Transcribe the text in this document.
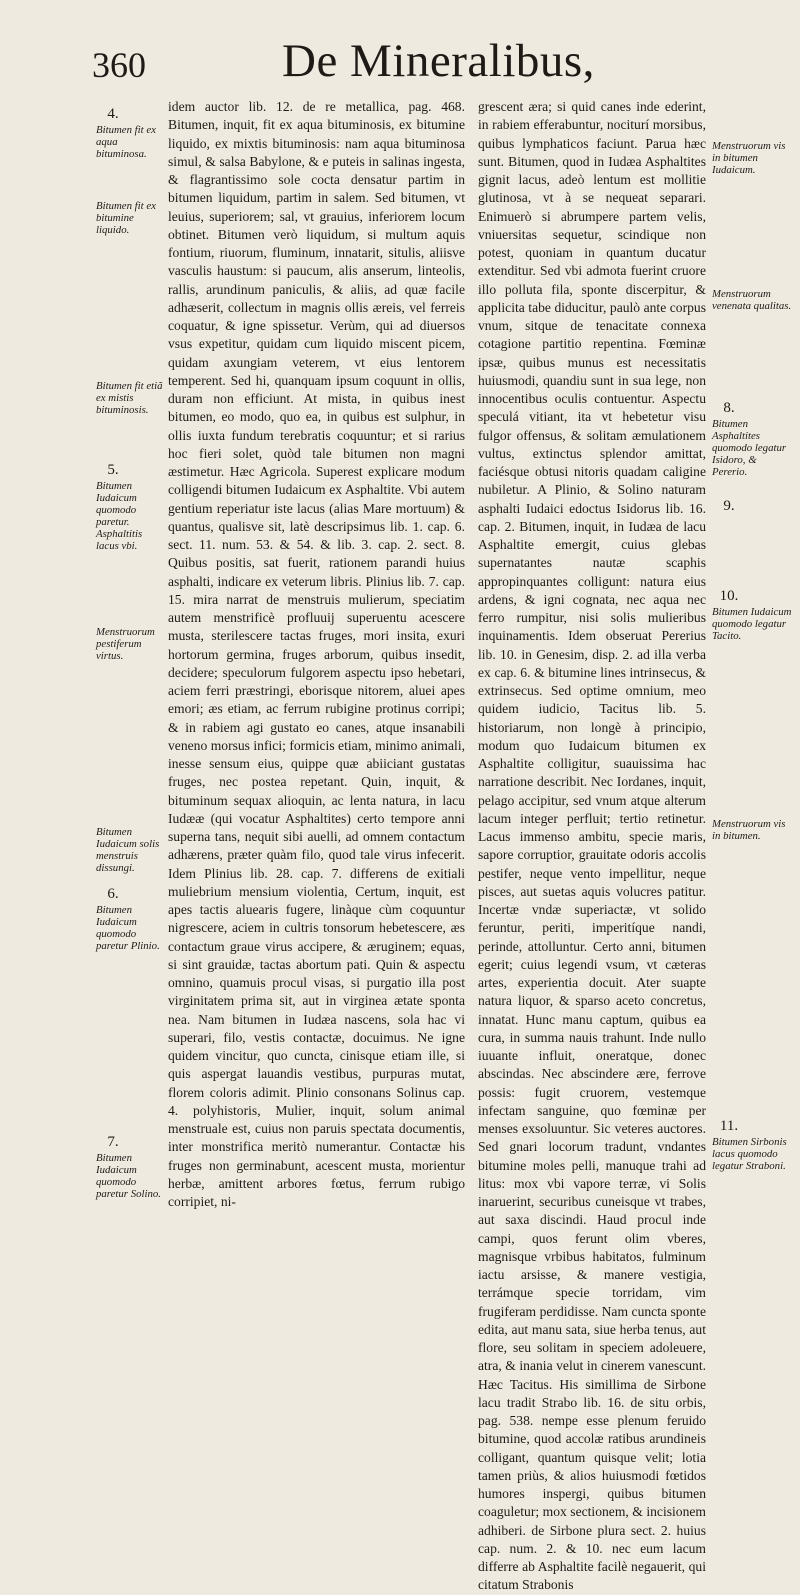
360	De Mineralibus,
4.
Bitumen fit ex aqua bituminosa.
Bitumen fit ex bitumine liquido.
Bitumen fit etiã ex mistis bituminosis.
5.
Bitumen Iudaicum quomodo paretur. Asphaltitis lacus vbi.
Menstruorum pestiferum virtus.
Bitumen Iudaicum solis menstruis dissungi.
6.
Bitumen Iudaicum quomodo paretur Plinio.
7.
Bitumen Iudaicum quomodo paretur Solino.

idem auctor lib. 12. de re metallica, pag. 468. Bitumen, inquit, fit ex aqua bituminosis, ex bitumine liquido, ex mixtis bituminosis: nam aqua bituminosa simul, & salsa Babylone, & e puteis in salinas ingesta, & flagrantissimo sole cocta densatur partim in bitumen liquidum, partim in salem. Sed bitumen, vt leuius, superiorem; sal, vt grauius, inferiorem locum obtinet. Bitumen verò liquidum, si multum aquis fontium, riuorum, fluminum, innatarit, situlis, aliisve vasculis haustum: si paucum, alis anserum, linteolis, rallis, arundinum paniculis, & aliis, ad quæ facile adhæserit, collectum in magnis ollis æreis, vel ferreis coquatur, & igne spissetur. Verùm, qui ad diuersos vsus expetitur, quidam cum liquido miscent picem, quidam axungiam veterem, vt eius lentorem temperent. Sed hi, quanquam ipsum coquunt in ollis, duram non efficiunt. At mista, in quibus inest bitumen, eo modo, quo ea, in quibus est sulphur, in ollis iuxta fundum terebratis coquuntur; et si rarius hoc fieri solet, quòd tale bitumen non magni æstimetur. Hæc Agricola. Superest explicare modum colligendi bitumen Iudaicum ex Asphaltite. Vbi autem gentium reperiatur iste lacus (alias Mare mortuum) & quantus, qualisve sit, latè descripsimus lib. 1. cap. 6. sect. 11. num. 53. & 54. & lib. 3. cap. 2. sect. 8. Quibus positis, sat fuerit, rationem parandi huius asphalti, indicare ex veterum libris. Plinius lib. 7. cap. 15. mira narrat de menstruis mulierum, speciatim autem menstrificè profluuij superuentu acescere musta, sterilescere tactas fruges, mori insita, exuri hortorum germina, fruges arborum, quibus insedit, decidere; speculorum fulgorem aspectu ipso hebetari, aciem ferri præstringi, eborisque nitorem, aluei apes emori; æs etiam, ac ferrum rubigine protinus corripi; & in rabiem agi gustato eo canes, atque insanabili veneno morsus infici; formicis etiam, minimo animali, inesse sensum eius, quippe quæ abiiciant gustatas fruges, nec postea repetant. Quin, inquit, & bituminum sequax alioquin, ac lenta natura, in lacu Iudææ (qui vocatur Asphaltites) certo tempore anni superna tans, nequit sibi auelli, ad omnem contactum adhærens, præter quàm filo, quod tale virus infecerit. Idem Plinius lib. 28. cap. 7. differens de exitiali muliebrium mensium violentia, Certum, inquit, est apes tactis aluearis fugere, linàque cùm coquuntur nigrescere, aciem in cultris tonsorum hebetescere, æs contactum graue virus accipere, & æruginem; equas, si sint grauidæ, tactas abortum pati. Quin & aspectu omnino, quamuis procul visas, si purgatio illa post virginitatem prima sit, aut in virginea ætate sponta nea. Nam bitumen in Iudæa nascens, sola hac vi superari, filo, vestis contactæ, docuimus. Ne igne quidem vincitur, quo cuncta, cinisque etiam ille, si quis aspergat lauandis vestibus, purpuras mutat, florem coloris adimit. Plinio consonans Solinus cap. 4. polyhistoris, Mulier, inquit, solum animal menstruale est, cuius non paruis spectata documentis, inter monstrifica meritò numerantur. Contactæ his fruges non germinabunt, acescent musta, morientur herbæ, amittent arbores fœtus, ferrum rubigo corripiet, ni-

grescent æra; si quid canes inde ederint, in rabiem efferabuntur, nociturí morsibus, quibus lymphaticos faciunt. Parua hæc sunt. Bitumen, quod in Iudæa Asphaltites gignit lacus, adeò lentum est mollitie glutinosa, vt à se nequeat separari. Enimuerò si abrumpere partem velis, vniuersitas sequetur, scindique non potest, quoniam in quantum ducatur extenditur. Sed vbi admota fuerint cruore illo polluta fila, sponte discerpitur, & applicita tabe diducitur, paulò ante corpus vnum, sitque de tenacitate connexa cotagione partitio repentina. Fœminæ ipsæ, quibus munus est necessitatis huiusmodi, quandiu sunt in sua lege, non innocentibus oculis contuentur. Aspectu speculá vitiant, ita vt hebetetur visu fulgor offensus, & solitam æmulationem vultus, extinctus splendor amittat, faciésque obtusi nitoris quadam caligine nubiletur. A Plinio, & Solino naturam asphalti Iudaici edoctus Isidorus lib. 16. cap. 2. Bitumen, inquit, in Iudæa de lacu Asphaltite emergit, cuius glebas supernatantes nautæ scaphis appropinquantes colligunt: natura eius ardens, & igni cognata, nec aqua nec ferro rumpitur, nisi solis mulieribus inquinamentis. Idem obseruat Pererius lib. 10. in Genesim, disp. 2. ad illa verba ex cap. 6. & bitumine lines intrinsecus, & extrinsecus. Sed optime omnium, meo quidem iudicio, Tacitus lib. 5. historiarum, non longè à principio, modum quo Iudaicum bitumen ex Asphaltite colligitur, suauissima hac narratione describit. Nec Iordanes, inquit, pelago accipitur, sed vnum atque alterum lacum integer perfluit; tertio retinetur. Lacus immenso ambitu, specie maris, sapore corruptior, grauitate odoris accolis pestifer, neque vento impellitur, neque pisces, aut suetas aquis volucres patitur. Incertæ vndæ superiactæ, vt solido feruntur, periti, imperitíque nandi, perinde, attolluntur. Certo anni, bitumen egerit; cuius legendi vsum, vt cæteras artes, experientia docuit. Ater suapte natura liquor, & sparso aceto concretus, innatat. Hunc manu captum, quibus ea cura, in summa nauis trahunt. Inde nullo iuuante influit, oneratque, donec abscindas. Nec abscindere ære, ferrove possis: fugit cruorem, vestemque infectam sanguine, quo fœminæ per menses exsoluuntur. Sic veteres auctores. Sed gnari locorum tradunt, vndantes bitumine moles pelli, manuque trahi ad litus: mox vbi vapore terræ, vi Solis inaruerint, securibus cuneisque vt trabes, aut saxa discindi. Haud procul inde campi, quos ferunt olim vberes, magnisque vrbibus habitatos, fulminum iactu arsisse, & manere vestigia, terrámque specie torridam, vim frugiferam perdidisse. Nam cuncta sponte edita, aut manu sata, siue herba tenus, aut flore, seu solitam in speciem adoleuere, atra, & inania velut in cinerem vanescunt. Hæc Tacitus. His simillima de Sirbone lacu tradit Strabo lib. 16. de situ orbis, pag. 538. nempe esse plenum feruido bitumine, quod accolæ ratibus arundineis colligant, quantum quisque velit; lotia tamen priùs, & alios huiusmodi fœtidos humores inspergi, quibus bitumen coaguletur; mox sectionem, & incisionem adhiberi. de Sirbone plura sect. 2. huius cap. num. 2. & 10. nec eum lacum differre ab Asphaltite facilè negauerit, qui citatum Strabonis

Menstruorum vis in bitumen Iudaicum.
Menstruorum venenata qualitas.
8.
Bitumen Asphaltites quomodo legatur Isidoro, & Pererio.
9.
10.
Bitumen Iudaicum quomodo legatur Tacito.
Menstruorum vis in bitumen.
11.
Bitumen Sirbonis lacus quomodo legatur Straboni.
